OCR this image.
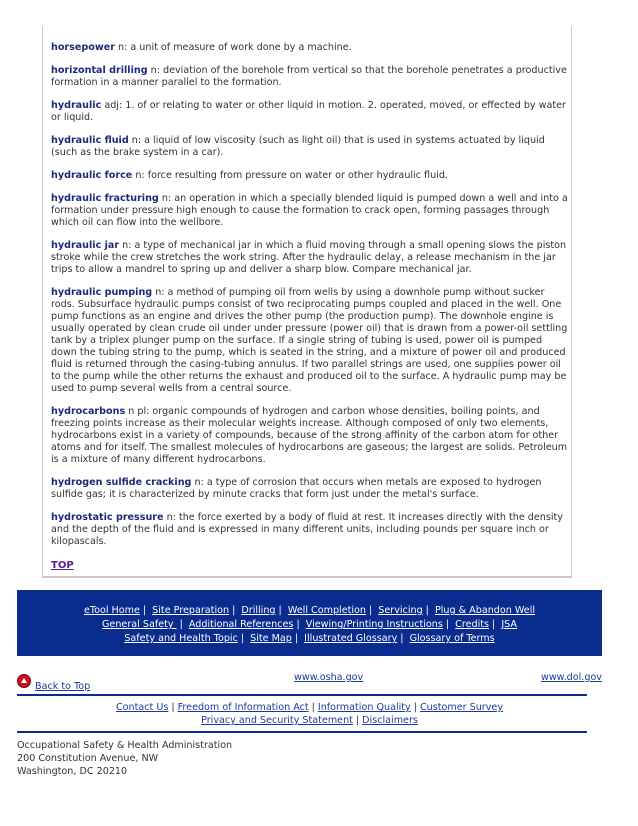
horsepower n: a unit of measure of work done by a machine.

horizontal drilling n: deviation of the borehole from vertical so that the borehole penetrates a productive formation in a manner parallel to the formation.

hydraulic adj: 1. of or relating to water or other liquid in motion. 2. operated, moved, or effected by water or liquid.

hydraulic fluid n: a liquid of low viscosity (such as light oil) that is used in systems actuated by liquid (such as the brake system in a car).

hydraulic force n: force resulting from pressure on water or other hydraulic fluid.

hydraulic fracturing n: an operation in which a specially blended liquid is pumped down a well and into a formation under pressure high enough to cause the formation to crack open, forming passages through which oil can flow into the wellbore.

hydraulic jar n: a type of mechanical jar in which a fluid moving through a small opening slows the piston stroke while the crew stretches the work string. After the hydraulic delay, a release mechanism in the jar trips to allow a mandrel to spring up and deliver a sharp blow. Compare mechanical jar.

hydraulic pumping n: a method of pumping oil from wells by using a downhole pump without sucker rods. Subsurface hydraulic pumps consist of two reciprocating pumps coupled and placed in the well. One pump functions as an engine and drives the other pump (the production pump). The downhole engine is usually operated by clean crude oil under under pressure (power oil) that is drawn from a power-oil settling tank by a triplex plunger pump on the surface. If a single string of tubing is used, power oil is pumped down the tubing string to the pump, which is seated in the string, and a mixture of power oil and produced fluid is returned through the casing-tubing annulus. If two parallel strings are used, one supplies power oil to the pump while the other returns the exhaust and produced oil to the surface. A hydraulic pump may be used to pump several wells from a central source.

hydrocarbons n pl: organic compounds of hydrogen and carbon whose densities, boiling points, and freezing points increase as their molecular weights increase. Although composed of only two elements, hydrocarbons exist in a variety of compounds, because of the strong affinity of the carbon atom for other atoms and for itself. The smallest molecules of hydrocarbons are gaseous; the largest are solids. Petroleum is a mixture of many different hydrocarbons.

hydrogen sulfide cracking n: a type of corrosion that occurs when metals are exposed to hydrogen sulfide gas; it is characterized by minute cracks that form just under the metal's surface.

hydrostatic pressure n: the force exerted by a body of fluid at rest. It increases directly with the density and the depth of the fluid and is expressed in many different units, including pounds per square inch or kilopascals.

TOP
eTool Home | Site Preparation | Drilling | Well Completion | Servicing | Plug & Abandon Well
General Safety | Additional References | Viewing/Printing Instructions | Credits | JSA
Safety and Health Topic | Site Map | Illustrated Glossary | Glossary of Terms
Back to Top
www.osha.gov	www.dol.gov
Contact Us | Freedom of Information Act | Information Quality | Customer Survey
Privacy and Security Statement | Disclaimers
Occupational Safety & Health Administration
200 Constitution Avenue, NW
Washington, DC 20210
